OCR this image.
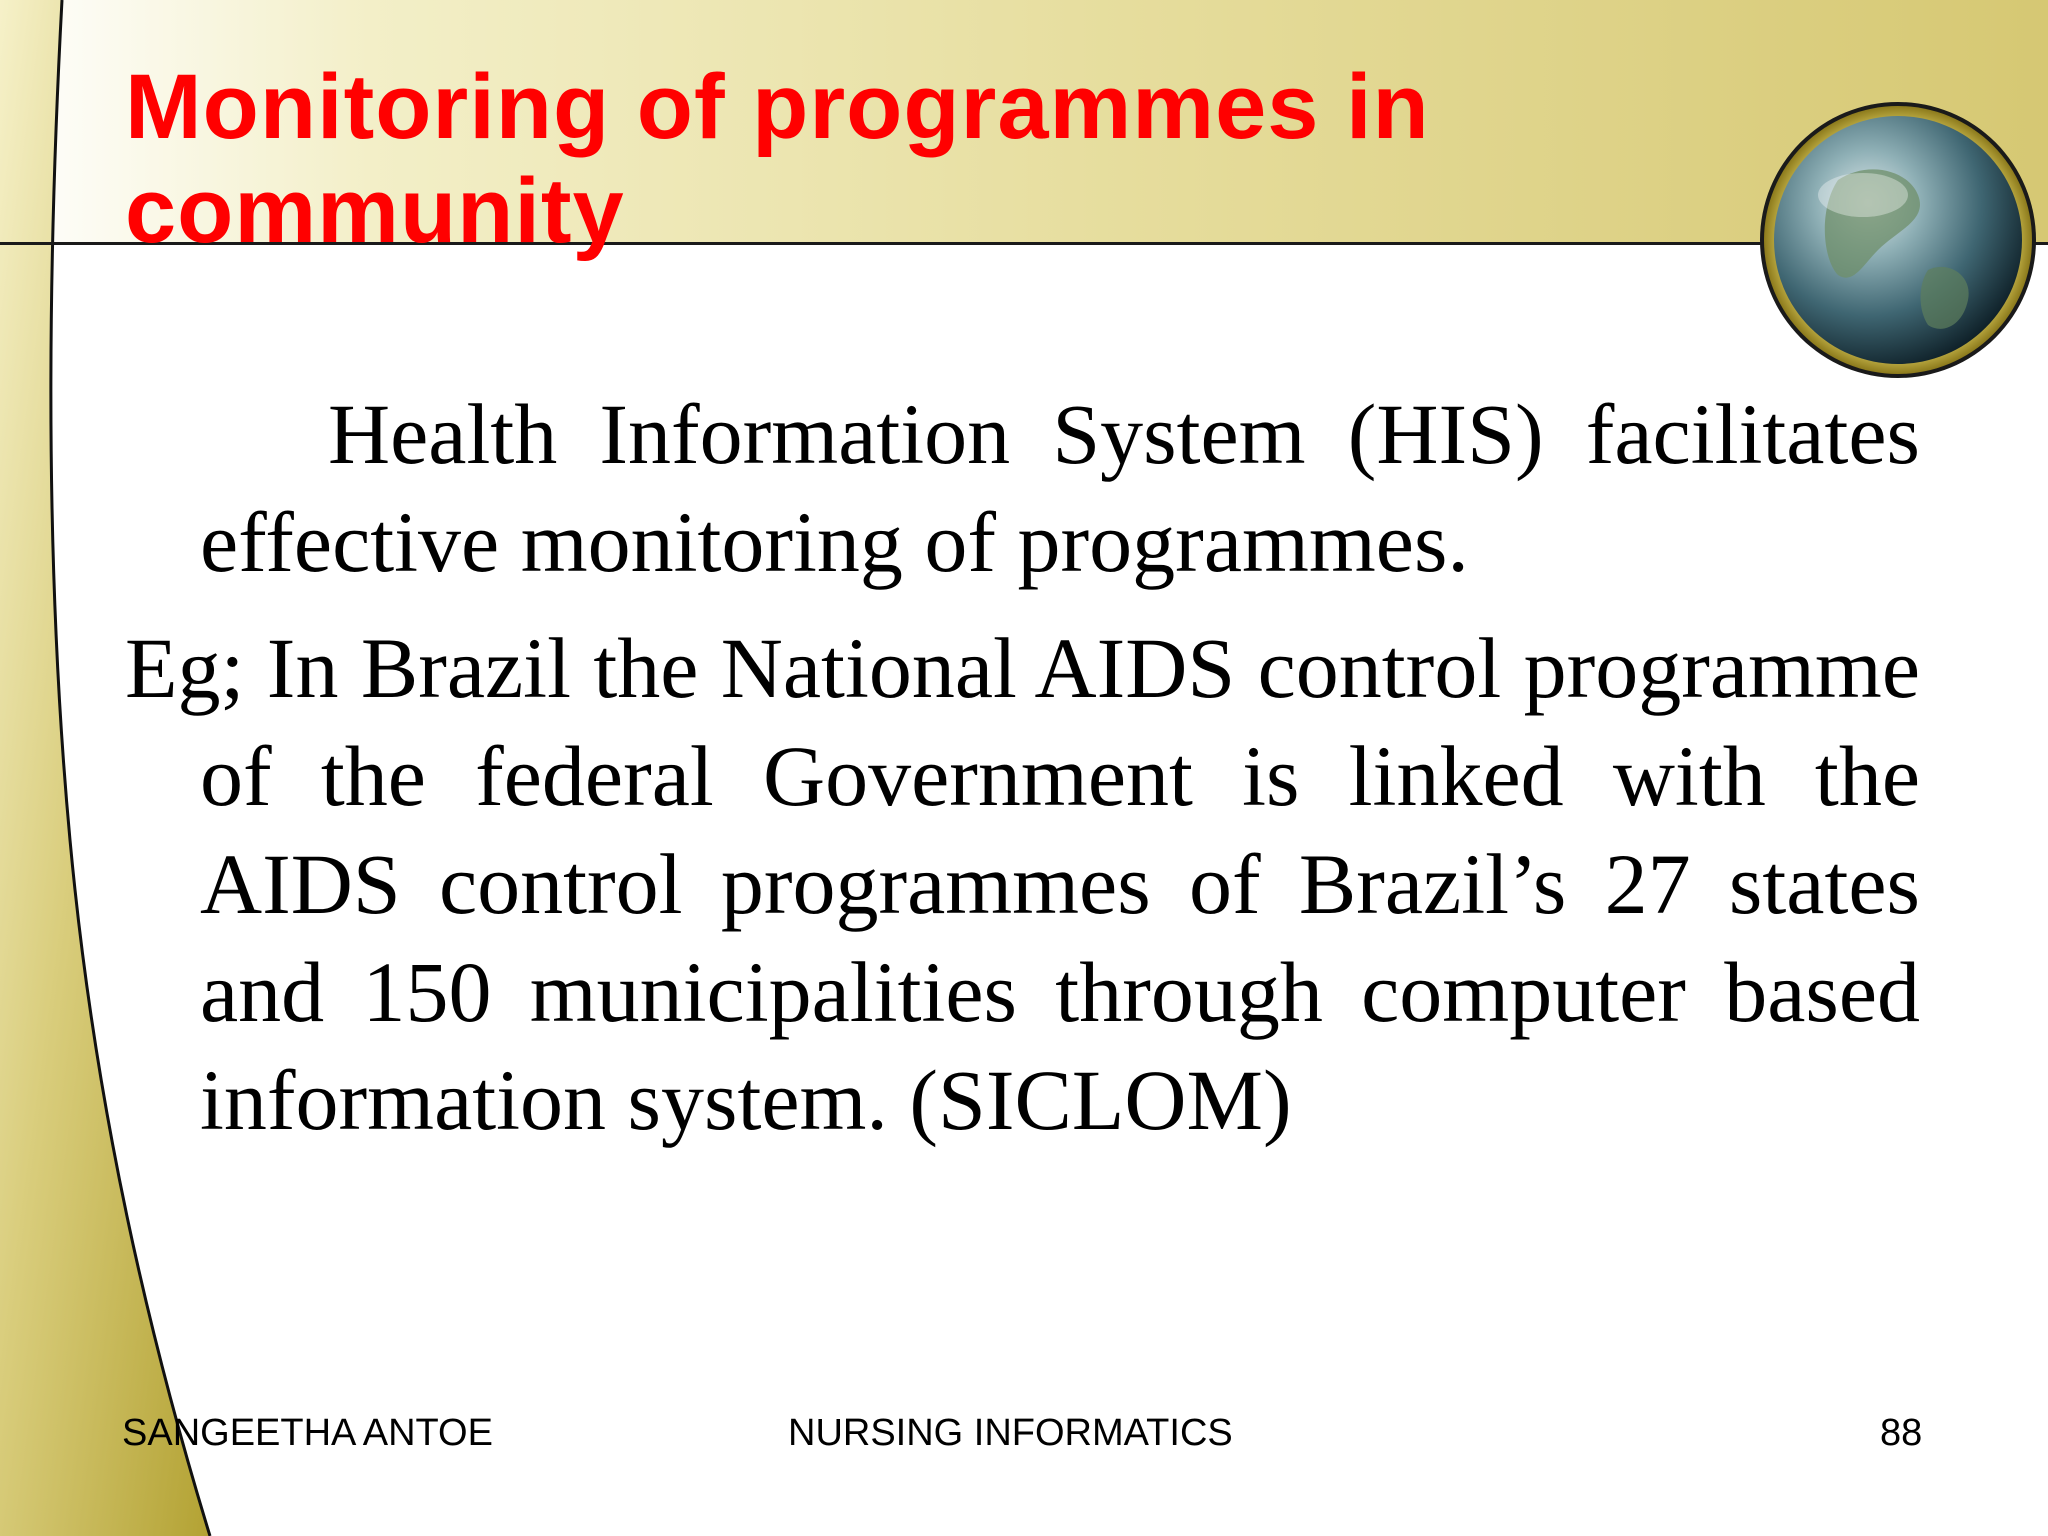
Monitoring of programmes in community

Health Information System (HIS) facilitates effective monitoring of programmes.

Eg; In Brazil the National AIDS control programme of the federal Government is linked with the AIDS control programmes of Brazil’s 27 states and 150 municipalities through computer based information system. (SICLOM)

SANGEETHA ANTOE	NURSING INFORMATICS	88
